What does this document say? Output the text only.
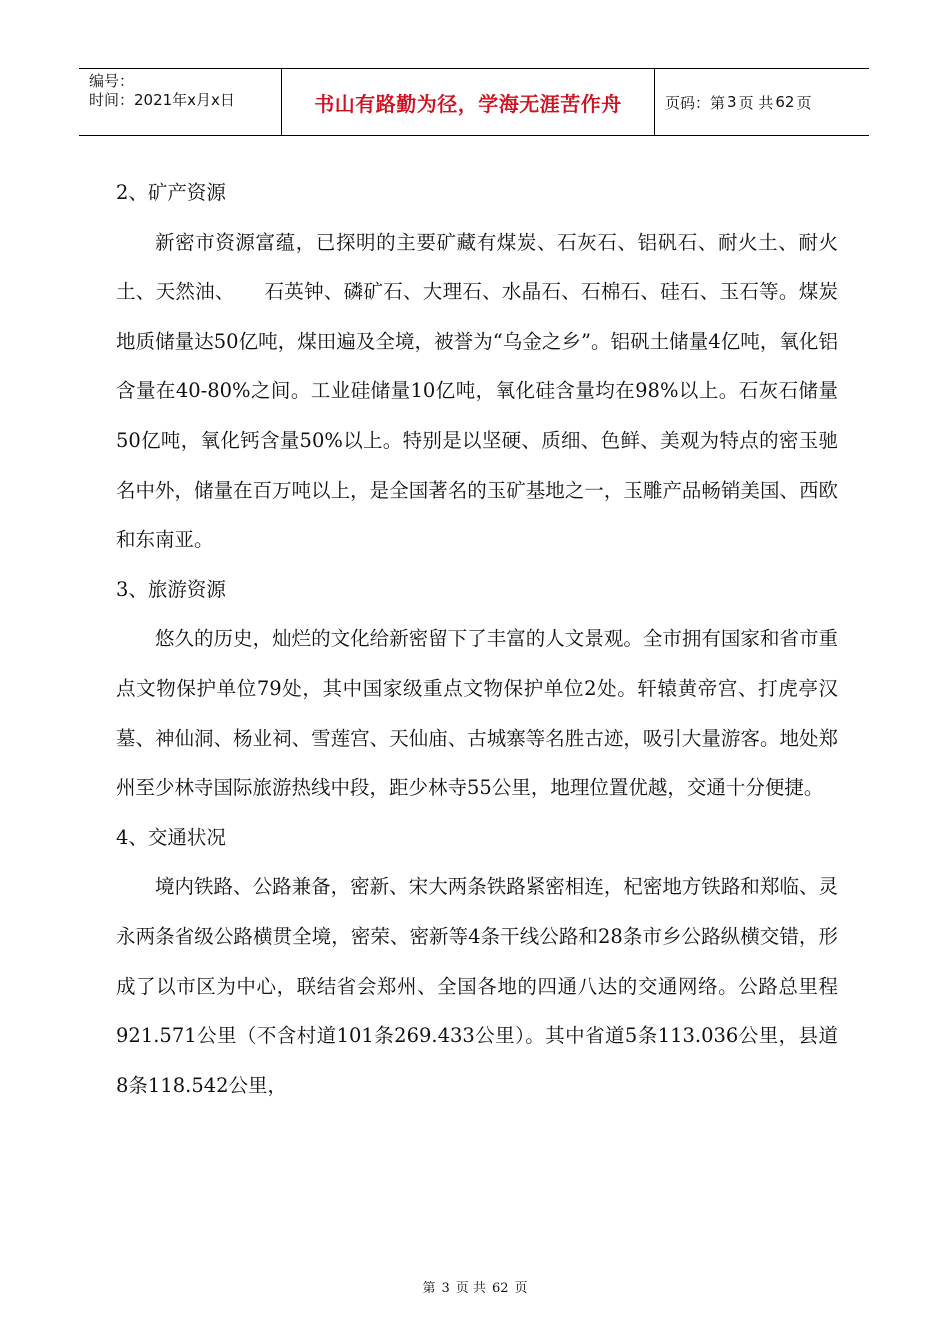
编号：
时间：2021年x月x日	书山有路勤为径，学海无涯苦作舟	页码：第 3 页 共 62 页

2、矿产资源

新密市资源富蕴，已探明的主要矿藏有煤炭、石灰石、铝矾石、耐火土、耐火土、天然油、　　石英钟、磷矿石、大理石、水晶石、石棉石、硅石、玉石等。煤炭地质储量达50亿吨，煤田遍及全境，被誉为“乌金之乡”。铝矾土储量4亿吨，氧化铝含量在40-80%之间。工业硅储量10亿吨，氧化硅含量均在98%以上。石灰石储量50亿吨，氧化钙含量50%以上。特别是以坚硬、质细、色鲜、美观为特点的密玉驰名中外，储量在百万吨以上，是全国著名的玉矿基地之一，玉雕产品畅销美国、西欧和东南亚。

3、旅游资源

悠久的历史，灿烂的文化给新密留下了丰富的人文景观。全市拥有国家和省市重点文物保护单位79处，其中国家级重点文物保护单位2处。轩辕黄帝宫、打虎亭汉墓、神仙洞、杨业祠、雪莲宫、天仙庙、古城寨等名胜古迹，吸引大量游客。地处郑州至少林寺国际旅游热线中段，距少林寺55公里，地理位置优越，交通十分便捷。

4、交通状况

境内铁路、公路兼备，密新、宋大两条铁路紧密相连，杞密地方铁路和郑临、灵永两条省级公路横贯全境，密荣、密新等4条干线公路和28条市乡公路纵横交错，形成了以市区为中心，联结省会郑州、全国各地的四通八达的交通网络。公路总里程921.571公里（不含村道101条269.433公里）。其中省道5条113.036公里，县道8条118.542公里，

第 3 页 共 62 页
